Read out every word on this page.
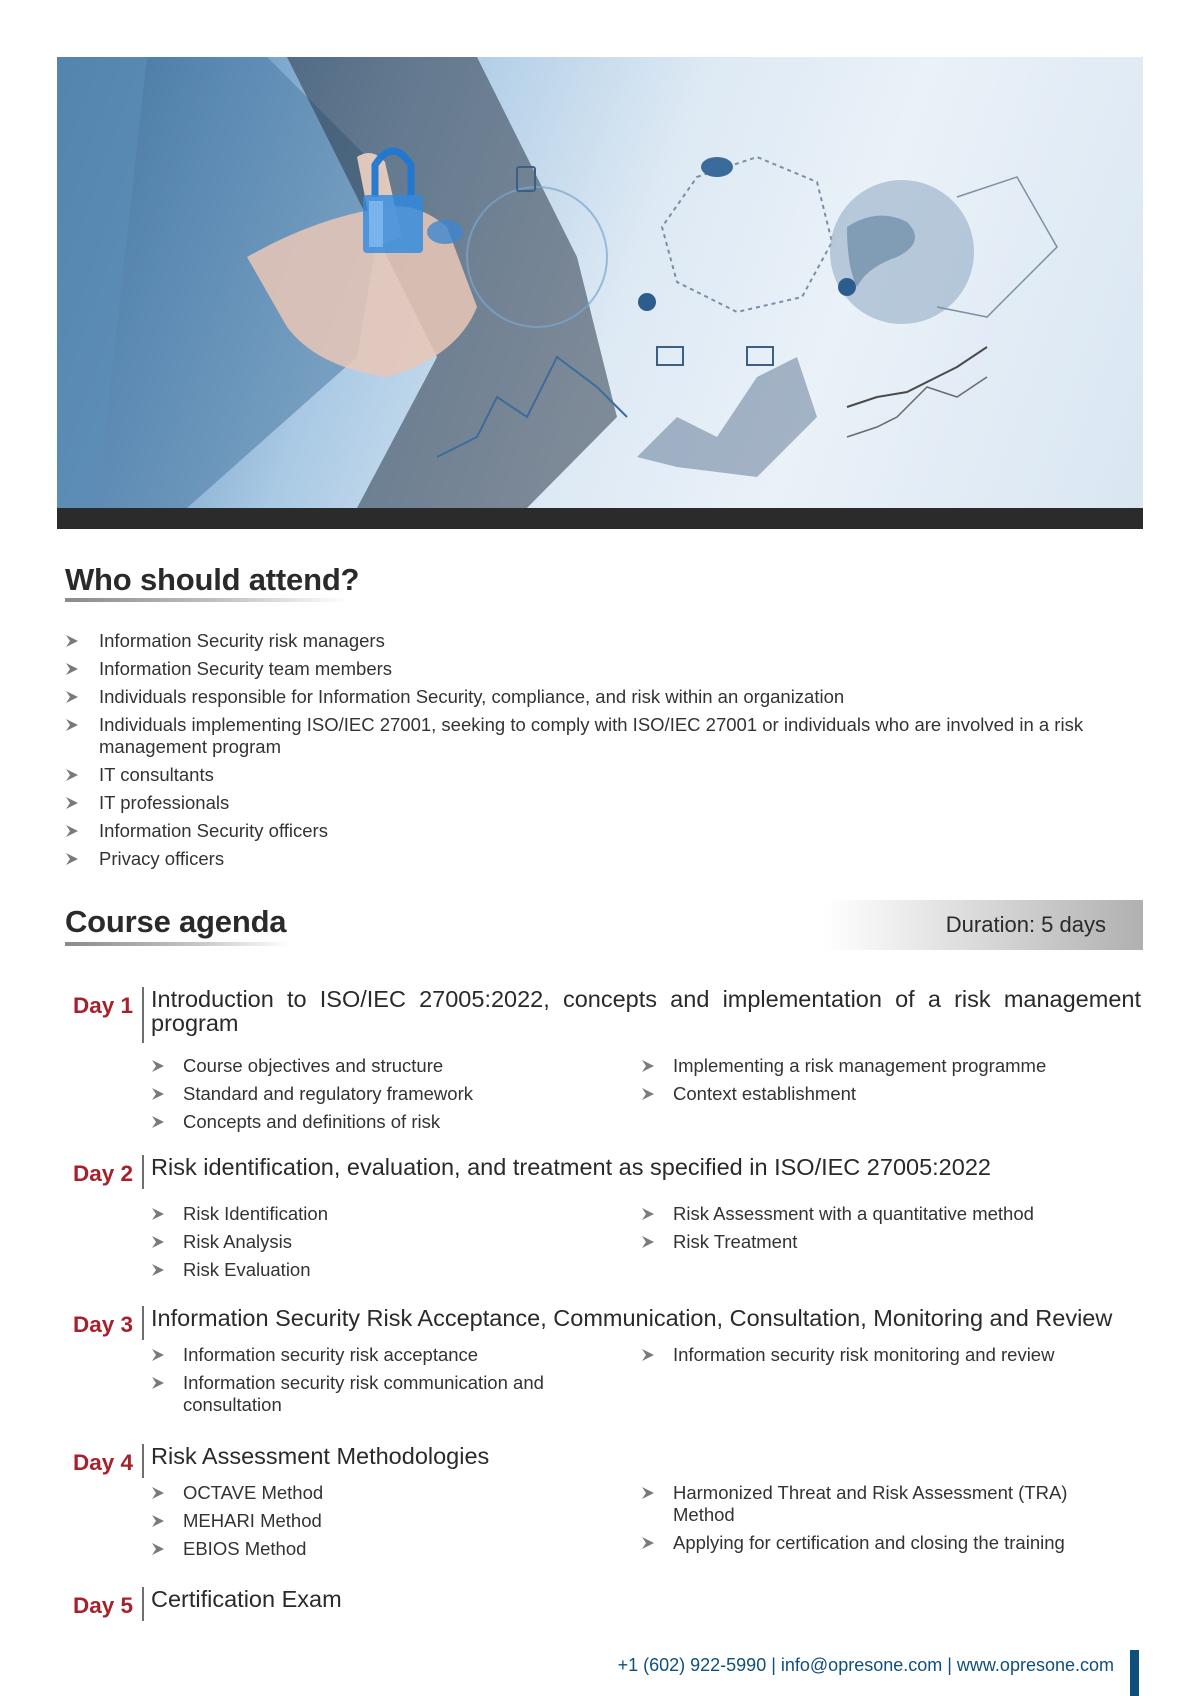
Who should attend?
Information Security risk managers
Information Security team members
Individuals responsible for Information Security, compliance, and risk within an organization
Individuals implementing ISO/IEC 27001, seeking to comply with ISO/IEC 27001 or individuals who are involved in a risk management program
IT consultants
IT professionals
Information Security officers
Privacy officers
Course agenda	Duration: 5 days
Day 1 Introduction to ISO/IEC 27005:2022, concepts and implementation of a risk management program
Course objectives and structure
Standard and regulatory framework
Concepts and definitions of risk
Implementing a risk management programme
Context establishment
Day 2 Risk identification, evaluation, and treatment as specified in ISO/IEC 27005:2022
Risk Identification
Risk Analysis
Risk Evaluation
Risk Assessment with a quantitative method
Risk Treatment
Day 3 Information Security Risk Acceptance, Communication, Consultation, Monitoring and Review
Information security risk acceptance
Information security risk communication and consultation
Information security risk monitoring and review
Day 4 Risk Assessment Methodologies
OCTAVE Method
MEHARI Method
EBIOS Method
Harmonized Threat and Risk Assessment (TRA) Method
Applying for certification and closing the training
Day 5 Certification Exam
+1 (602) 922-5990 | info@opresone.com | www.opresone.com
